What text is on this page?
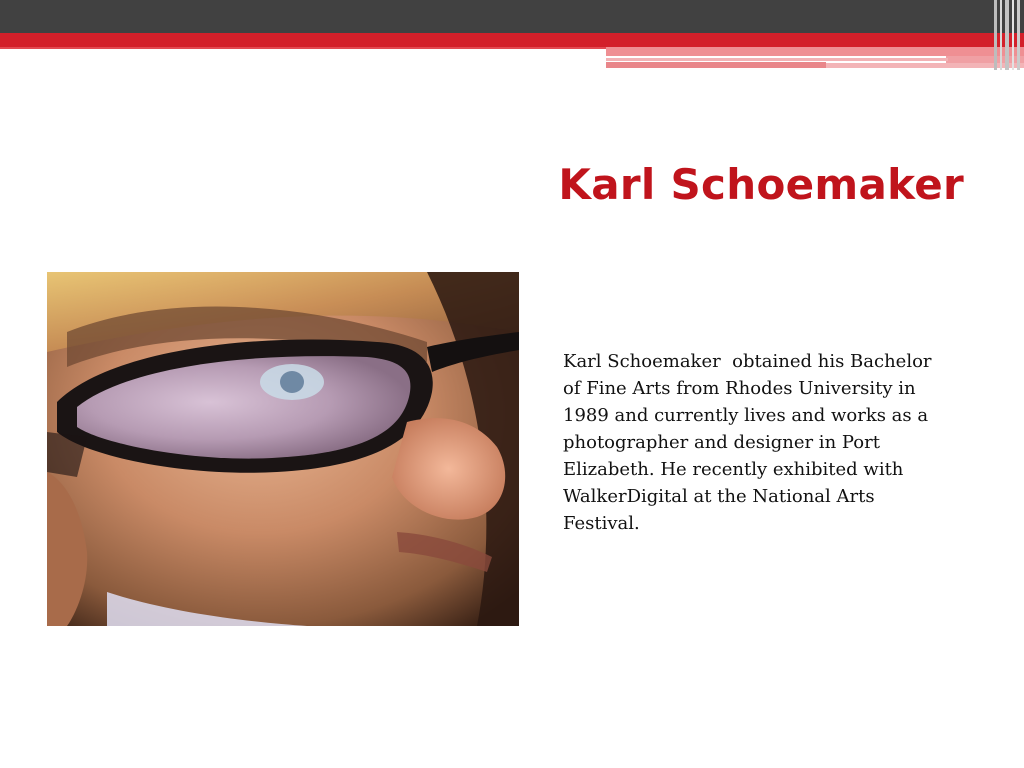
Karl Schoemaker

Karl Schoemaker  obtained his Bachelor
of Fine Arts from Rhodes University in
1989 and currently lives and works as a
photographer and designer in Port
Elizabeth. He recently exhibited with
WalkerDigital at the National Arts
Festival.
